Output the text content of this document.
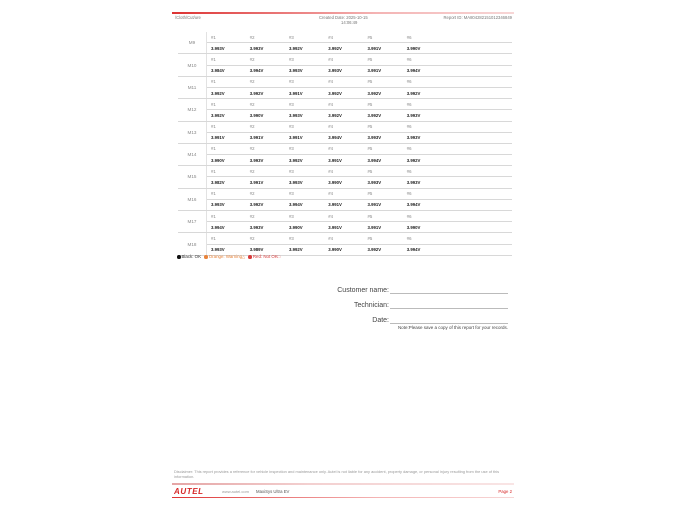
/Cloth/Cut/ure	Created Date: 2025-10-15
14:06:49
Report ID: MA804282151012346849
M9	#1	#2	#3	#4	#5	#6	
	3.993V	3.993V	3.992V	3.992V	3.991V	3.990V	
M10	#1	#2	#3	#4	#5	#6	
	3.984V	3.994V	3.993V	3.993V	3.991V	3.994V	
M11	#1	#2	#3	#4	#5	#6	
	3.992V	3.992V	3.991V	3.992V	3.992V	3.992V	
M12	#1	#2	#3	#4	#5	#6	
	3.992V	3.990V	3.993V	3.992V	3.992V	3.993V	
M13	#1	#2	#3	#4	#5	#6	
	3.991V	3.991V	3.991V	3.994V	3.993V	3.993V	
M14	#1	#2	#3	#4	#5	#6	
	3.990V	3.993V	3.992V	3.991V	3.994V	3.992V	
M15	#1	#2	#3	#4	#5	#6	
	3.982V	3.991V	3.993V	3.990V	3.993V	3.993V	
M16	#1	#2	#3	#4	#5	#6	
	3.993V	3.992V	3.994V	3.991V	3.991V	3.994V	
M17	#1	#2	#3	#4	#5	#6	
	3.994V	3.993V	3.990V	3.991V	3.991V	3.990V	
M18	#1	#2	#3	#4	#5	#6	
	3.993V	3.989V	3.992V	3.990V	3.992V	3.994V	
Black: OK Orange: Warning△ Red: Not OK□
Customer name:
Technician:
Date:
Note:Please save a copy of this report for your records.
Disclaimer: This report provides a reference for vehicle inspection and maintenance only. Autel is not liable for any accident, property damage, or personal injury resulting from the use of this information.
AUTEL	www.autel.com MaxiSys Ultra EV	Page 2
